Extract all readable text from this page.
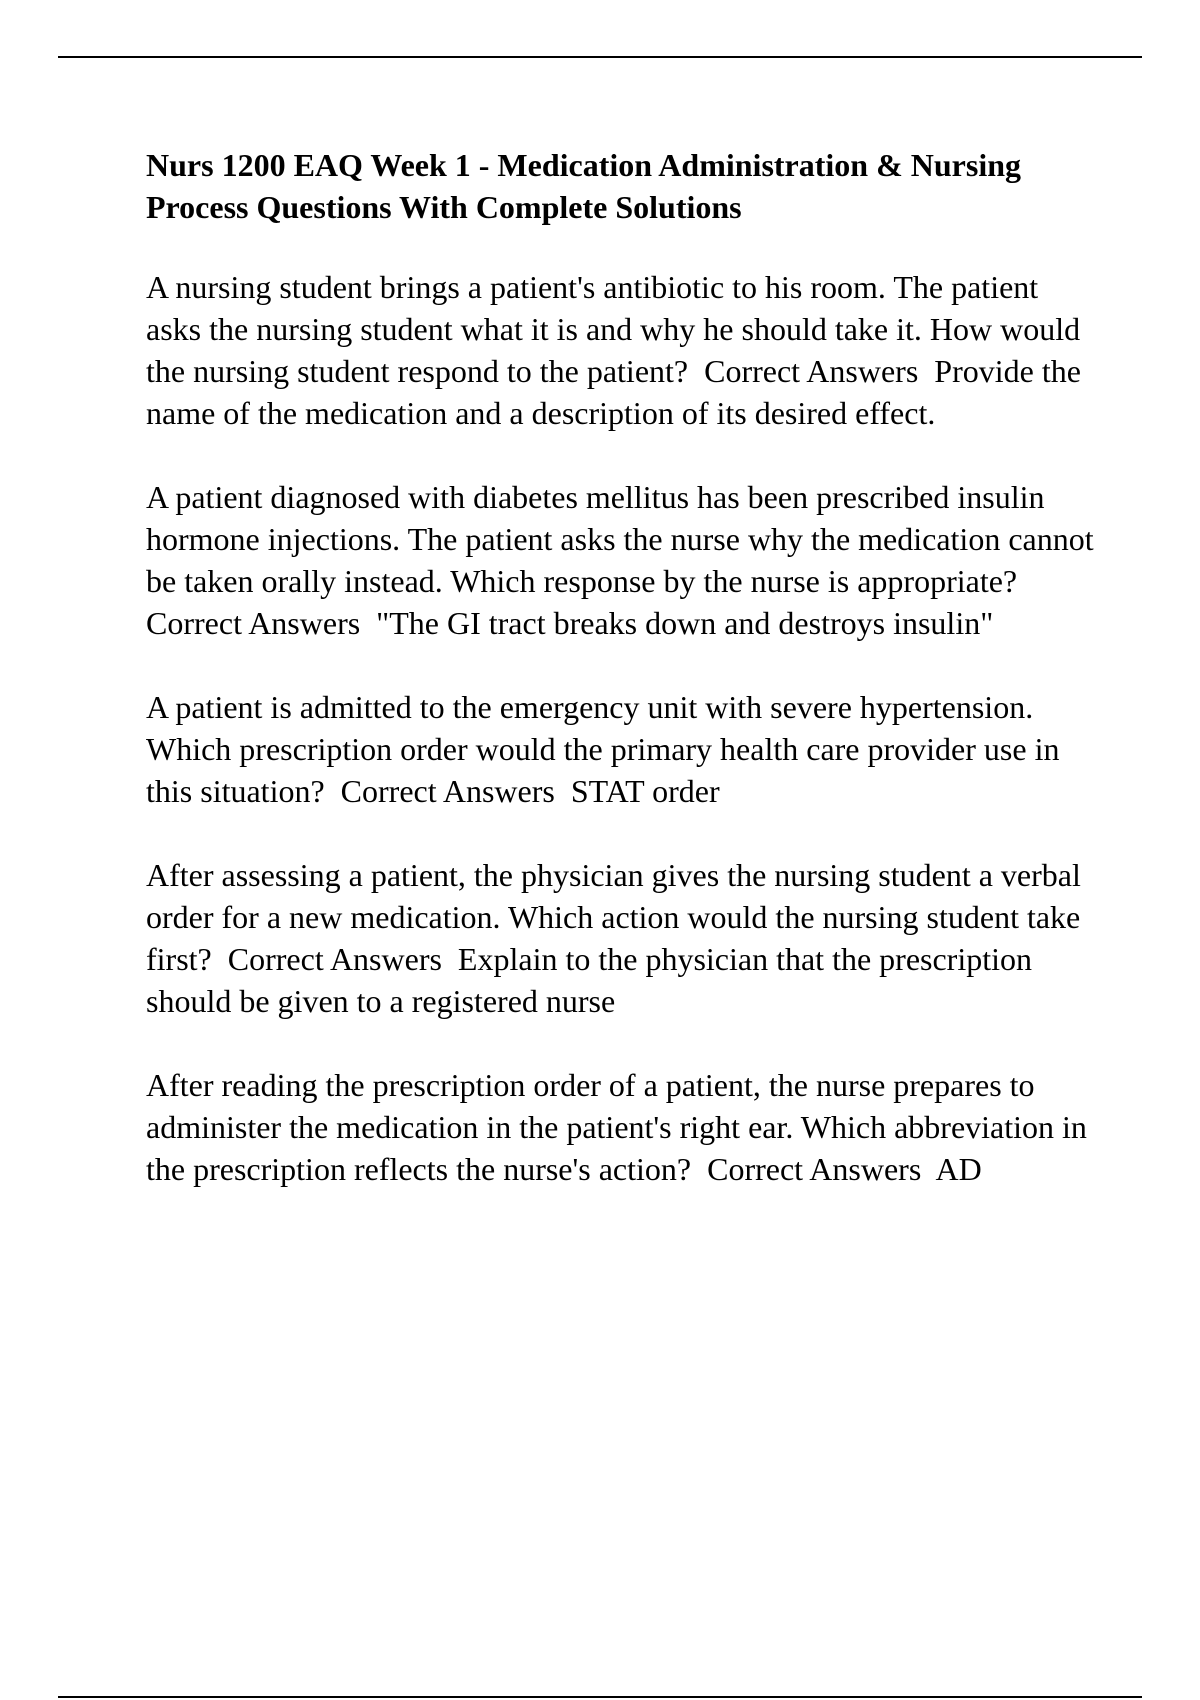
Nurs 1200 EAQ Week 1 - Medication Administration & Nursing Process Questions With Complete Solutions

A nursing student brings a patient's antibiotic to his room. The patient asks the nursing student what it is and why he should take it. How would the nursing student respond to the patient? Correct Answers Provide the name of the medication and a description of its desired effect.

A patient diagnosed with diabetes mellitus has been prescribed insulin hormone injections. The patient asks the nurse why the medication cannot be taken orally instead. Which response by the nurse is appropriate?  Correct Answers "The GI tract breaks down and destroys insulin"

A patient is admitted to the emergency unit with severe hypertension. Which prescription order would the primary health care provider use in this situation? Correct Answers STAT order

After assessing a patient, the physician gives the nursing student a verbal order for a new medication. Which action would the nursing student take first? Correct Answers Explain to the physician that the prescription should be given to a registered nurse

After reading the prescription order of a patient, the nurse prepares to administer the medication in the patient's right ear. Which abbreviation in the prescription reflects the nurse's action? Correct Answers AD
